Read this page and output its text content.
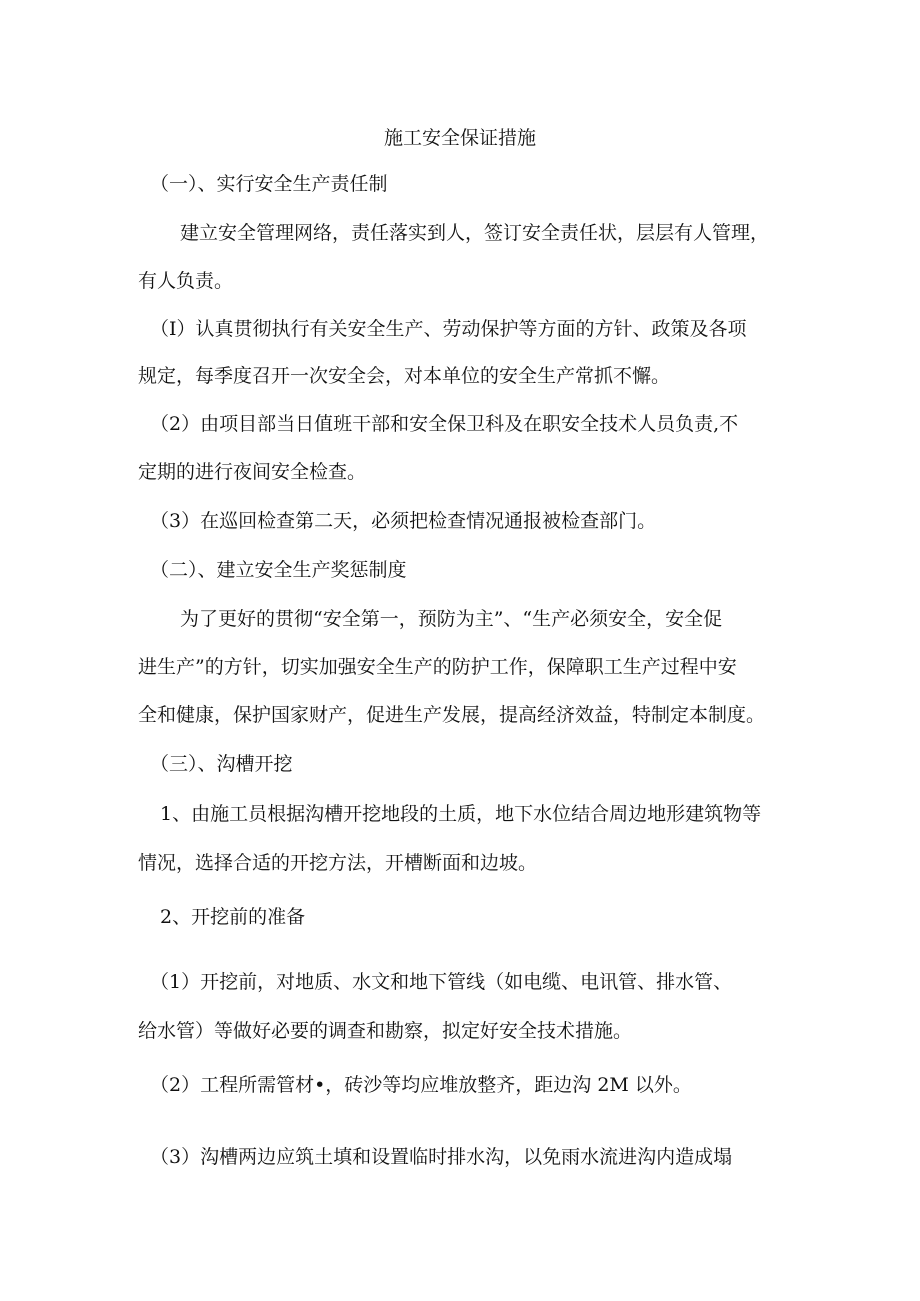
施工安全保证措施
（一）、实行安全生产责任制
建立安全管理网络，责任落实到人，签订安全责任状，层层有人管理，
有人负责。
（I）认真贯彻执行有关安全生产、劳动保护等方面的方针、政策及各项
规定，每季度召开一次安全会，对本单位的安全生产常抓不懈。
（2）由项目部当日值班干部和安全保卫科及在职安全技术人员负责,不
定期的进行夜间安全检查。
（3）在巡回检查第二天，必须把检查情况通报被检查部门。
（二）、建立安全生产奖惩制度
为了更好的贯彻“安全第一，预防为主”、“生产必须安全，安全促
进生产”的方针，切实加强安全生产的防护工作，保障职工生产过程中安
全和健康，保护国家财产，促进生产发展，提高经济效益，特制定本制度。
（三）、沟槽开挖
1、由施工员根据沟槽开挖地段的土质，地下水位结合周边地形建筑物等
情况，选择合适的开挖方法，开槽断面和边坡。
2、开挖前的准备
（1）开挖前，对地质、水文和地下管线（如电缆、电讯管、排水管、
给水管）等做好必要的调查和勘察，拟定好安全技术措施。
（2）工程所需管材•，砖沙等均应堆放整齐，距边沟 2M 以外。
（3）沟槽两边应筑土填和设置临时排水沟，以免雨水流进沟内造成塌
